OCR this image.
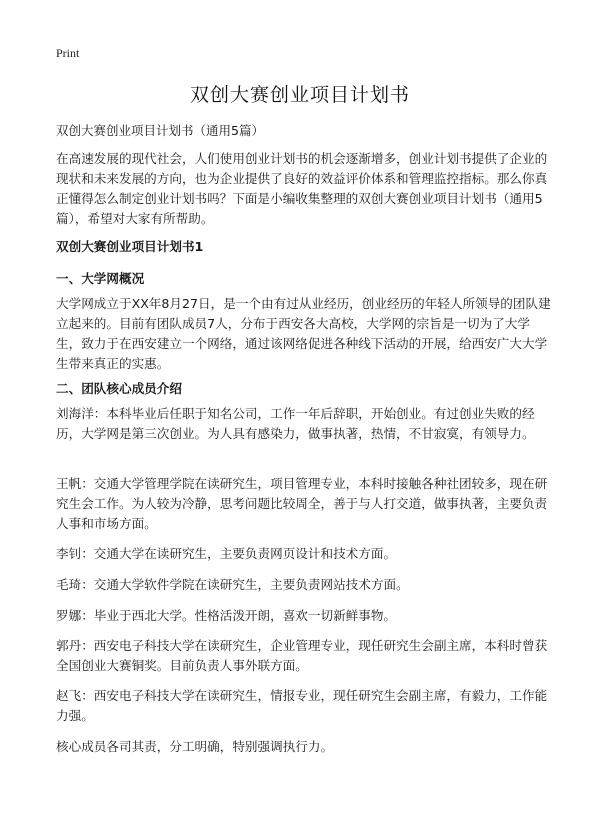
Print
双创大赛创业项目计划书
双创大赛创业项目计划书（通用5篇）

在高速发展的现代社会，人们使用创业计划书的机会逐渐增多，创业计划书提供了企业的现状和未来发展的方向，也为企业提供了良好的效益评价体系和管理监控指标。那么你真正懂得怎么制定创业计划书吗？下面是小编收集整理的双创大赛创业项目计划书（通用5篇），希望对大家有所帮助。

双创大赛创业项目计划书1
一、大学网概况

大学网成立于XX年8月27日，是一个由有过从业经历，创业经历的年轻人所领导的团队建立起来的。目前有团队成员7人，分布于西安各大高校，大学网的宗旨是一切为了大学生，致力于在西安建立一个网络，通过该网络促进各种线下活动的开展，给西安广大大学生带来真正的实惠。

二、团队核心成员介绍

刘海洋：本科毕业后任职于知名公司，工作一年后辞职，开始创业。有过创业失败的经历，大学网是第三次创业。为人具有感染力，做事执著，热情，不甘寂寞，有领导力。

王帆：交通大学管理学院在读研究生，项目管理专业，本科时接触各种社团较多，现在研究生会工作。为人较为冷静，思考问题比较周全，善于与人打交道，做事执著，主要负责人事和市场方面。

李钊：交通大学在读研究生，主要负责网页设计和技术方面。

毛琦：交通大学软件学院在读研究生，主要负责网站技术方面。

罗娜：毕业于西北大学。性格活泼开朗，喜欢一切新鲜事物。

郭丹：西安电子科技大学在读研究生，企业管理专业，现任研究生会副主席，本科时曾获全国创业大赛铜奖。目前负责人事外联方面。

赵飞：西安电子科技大学在读研究生，情报专业，现任研究生会副主席，有毅力，工作能力强。

核心成员各司其责，分工明确，特别强调执行力。
